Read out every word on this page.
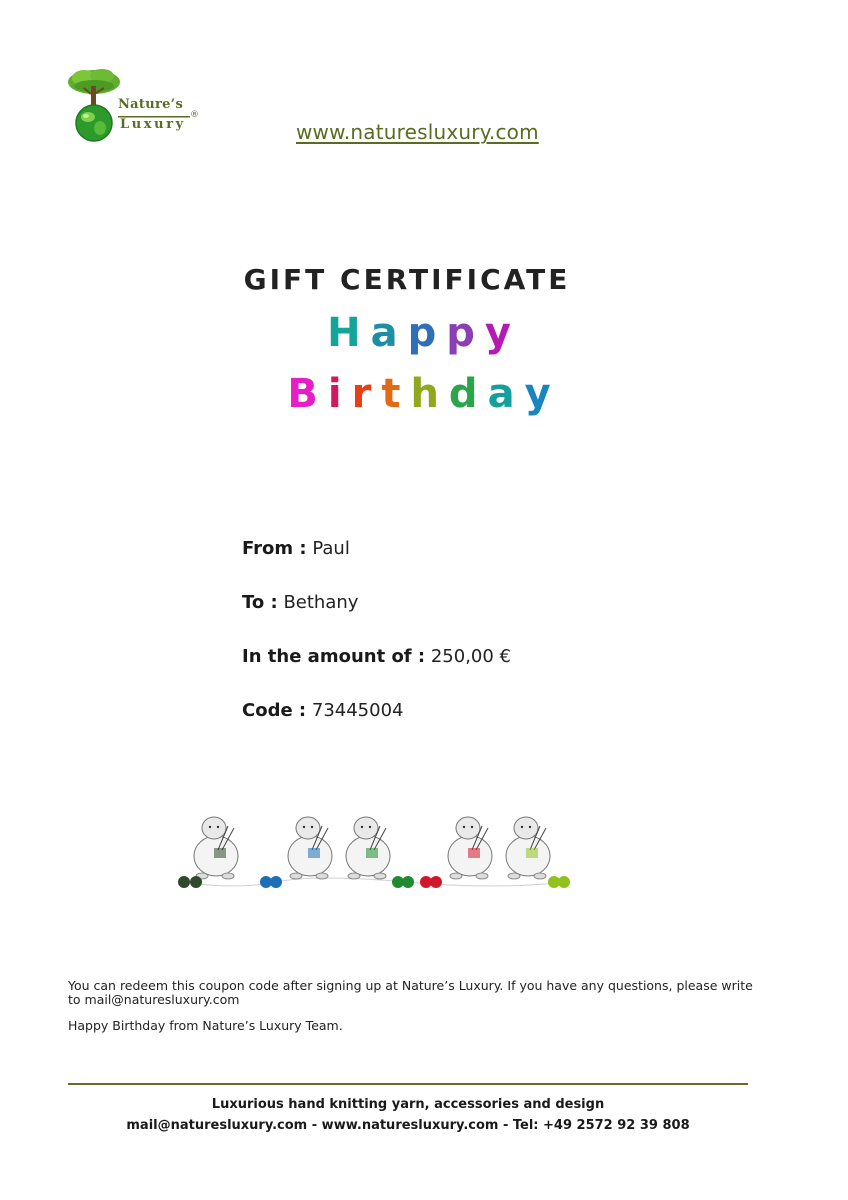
Nature’s
Luxury
®
www.naturesluxury.com
GIFT CERTIFICATE
Happy
Birthday
From : Paul
To : Bethany
In the amount of : 250,00 €
Code : 73445004
You can redeem this coupon code after signing up at Nature’s Luxury. If you have any questions, please write to mail@naturesluxury.com
Happy Birthday from Nature’s Luxury Team.
Luxurious hand knitting yarn, accessories and design
mail@naturesluxury.com - www.naturesluxury.com - Tel: +49 2572 92 39 808
